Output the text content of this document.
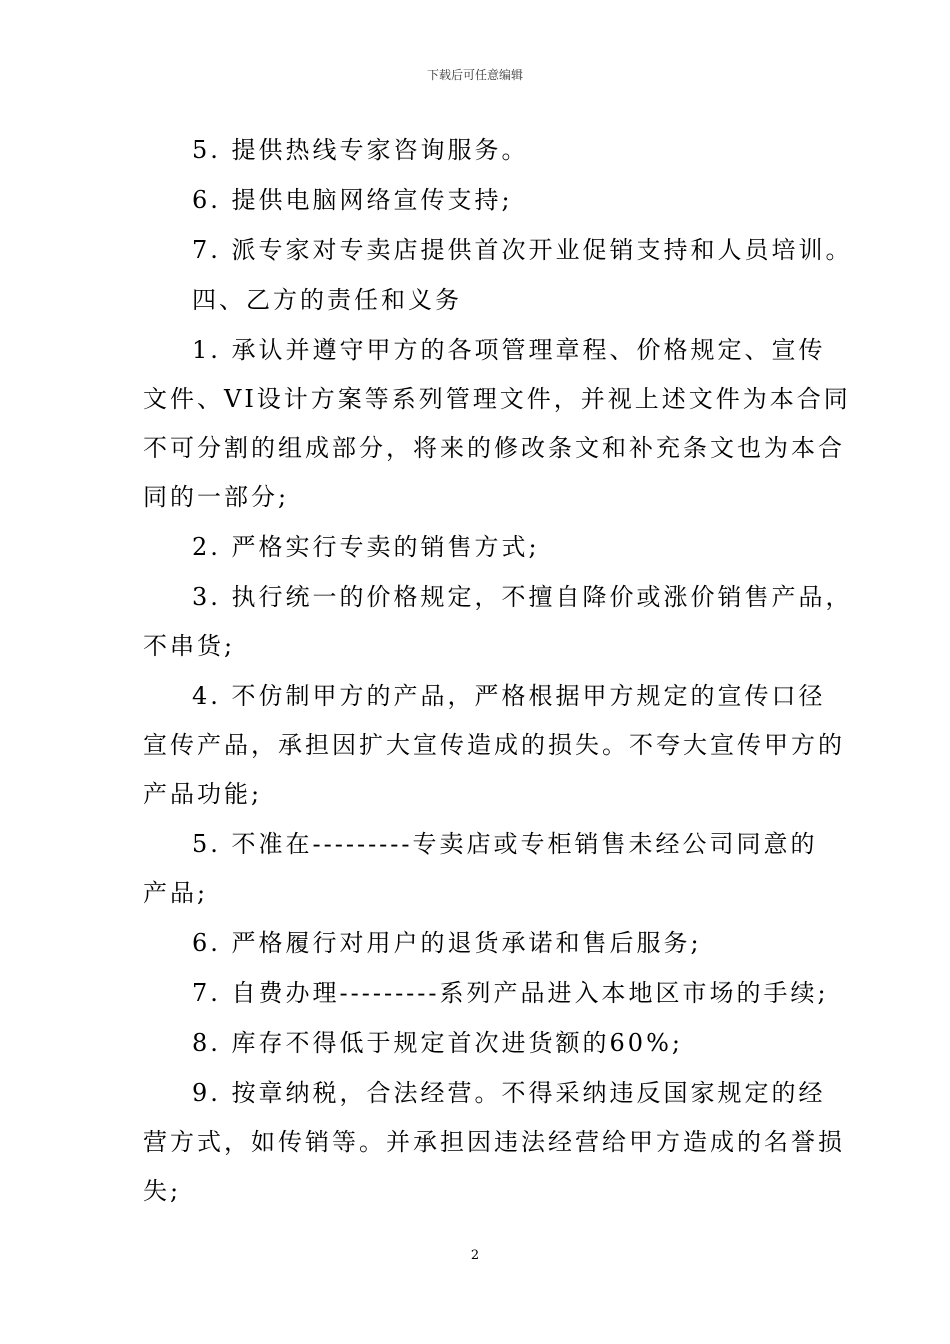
下载后可任意编辑
5. 提供热线专家咨询服务。
6. 提供电脑网络宣传支持;
7. 派专家对专卖店提供首次开业促销支持和人员培训。
四、乙方的责任和义务
1. 承认并遵守甲方的各项管理章程、价格规定、宣传
文件、VI设计方案等系列管理文件，并视上述文件为本合同
不可分割的组成部分，将来的修改条文和补充条文也为本合
同的一部分;
2. 严格实行专卖的销售方式;
3. 执行统一的价格规定，不擅自降价或涨价销售产品，
不串货;
4. 不仿制甲方的产品，严格根据甲方规定的宣传口径
宣传产品，承担因扩大宣传造成的损失。不夸大宣传甲方的
产品功能;
5. 不准在---------专卖店或专柜销售未经公司同意的
产品;
6. 严格履行对用户的退货承诺和售后服务;
7. 自费办理---------系列产品进入本地区市场的手续;
8. 库存不得低于规定首次进货额的60%;
9. 按章纳税，合法经营。不得采纳违反国家规定的经
营方式，如传销等。并承担因违法经营给甲方造成的名誉损
失;
2
